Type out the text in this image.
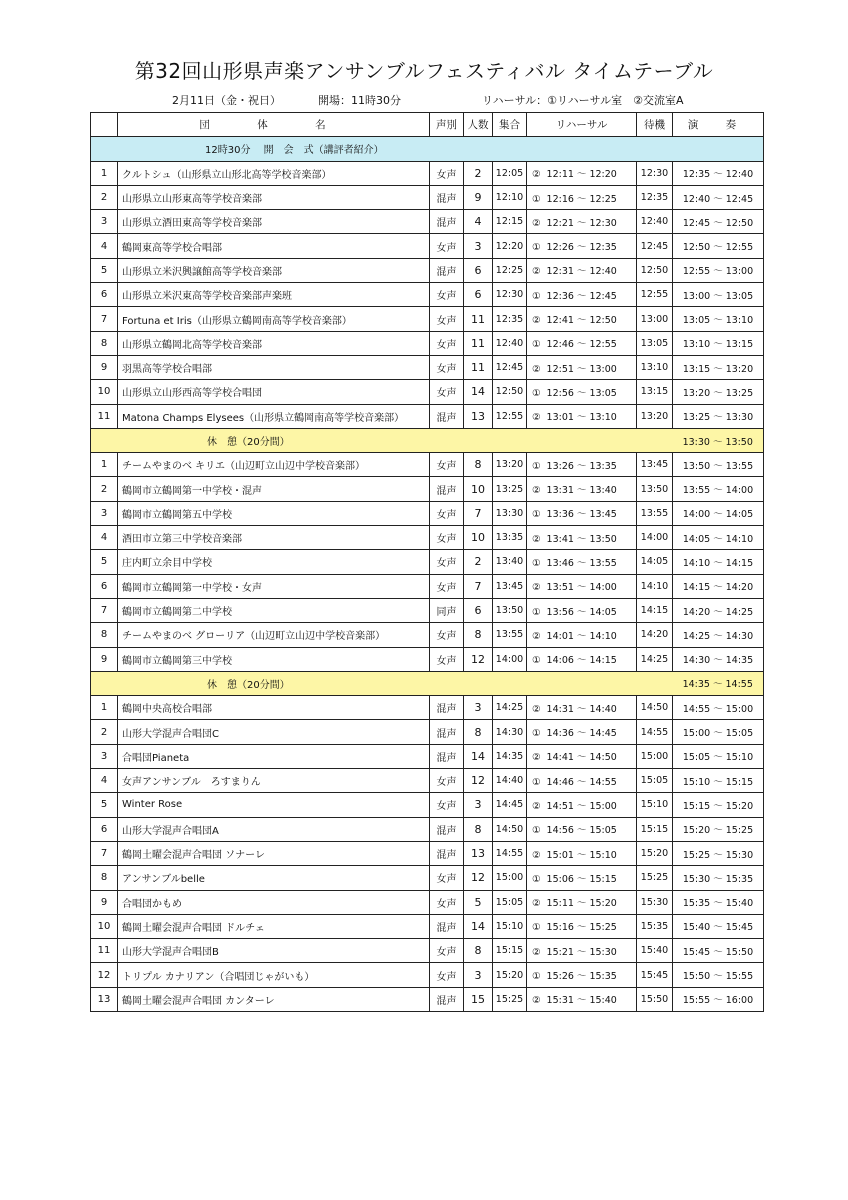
第32回山形県声楽アンサンブルフェスティバル タイムテーブル
2月11日（金・祝日）	開場：11時30分	リハーサル：①リハーサル室　②交流室A
	団 体 名	声別	人数	集合	リハーサル	待機	演 奏
12時30分　 開　会　式（講評者紹介）							
1	クルトシュ（山形県立山形北高等学校音楽部）	女声	2	12:05	② 12:11 ～ 12:20	12:30	12:35 ～ 12:40
2	山形県立山形東高等学校音楽部	混声	9	12:10	① 12:16 ～ 12:25	12:35	12:40 ～ 12:45
3	山形県立酒田東高等学校音楽部	混声	4	12:15	② 12:21 ～ 12:30	12:40	12:45 ～ 12:50
4	鶴岡東高等学校合唱部	女声	3	12:20	① 12:26 ～ 12:35	12:45	12:50 ～ 12:55
5	山形県立米沢興譲館高等学校音楽部	混声	6	12:25	② 12:31 ～ 12:40	12:50	12:55 ～ 13:00
6	山形県立米沢東高等学校音楽部声楽班	女声	6	12:30	① 12:36 ～ 12:45	12:55	13:00 ～ 13:05
7	Fortuna et Iris（山形県立鶴岡南高等学校音楽部）	女声	11	12:35	② 12:41 ～ 12:50	13:00	13:05 ～ 13:10
8	山形県立鶴岡北高等学校音楽部	女声	11	12:40	① 12:46 ～ 12:55	13:05	13:10 ～ 13:15
9	羽黒高等学校合唱部	女声	11	12:45	② 12:51 ～ 13:00	13:10	13:15 ～ 13:20
10	山形県立山形西高等学校合唱団	女声	14	12:50	① 12:56 ～ 13:05	13:15	13:20 ～ 13:25
11	Matona Champs Elysees（山形県立鶴岡南高等学校音楽部）	混声	13	12:55	② 13:01 ～ 13:10	13:20	13:25 ～ 13:30
休　憩（20分間）							13:30 ～ 13:50
1	チームやまのべ キリエ（山辺町立山辺中学校音楽部）	女声	8	13:20	① 13:26 ～ 13:35	13:45	13:50 ～ 13:55
2	鶴岡市立鶴岡第一中学校・混声	混声	10	13:25	② 13:31 ～ 13:40	13:50	13:55 ～ 14:00
3	鶴岡市立鶴岡第五中学校	女声	7	13:30	① 13:36 ～ 13:45	13:55	14:00 ～ 14:05
4	酒田市立第三中学校音楽部	女声	10	13:35	② 13:41 ～ 13:50	14:00	14:05 ～ 14:10
5	庄内町立余目中学校	女声	2	13:40	① 13:46 ～ 13:55	14:05	14:10 ～ 14:15
6	鶴岡市立鶴岡第一中学校・女声	女声	7	13:45	② 13:51 ～ 14:00	14:10	14:15 ～ 14:20
7	鶴岡市立鶴岡第二中学校	同声	6	13:50	① 13:56 ～ 14:05	14:15	14:20 ～ 14:25
8	チームやまのべ グローリア（山辺町立山辺中学校音楽部）	女声	8	13:55	② 14:01 ～ 14:10	14:20	14:25 ～ 14:30
9	鶴岡市立鶴岡第三中学校	女声	12	14:00	① 14:06 ～ 14:15	14:25	14:30 ～ 14:35
休　憩（20分間）							14:35 ～ 14:55
1	鶴岡中央高校合唱部	混声	3	14:25	② 14:31 ～ 14:40	14:50	14:55 ～ 15:00
2	山形大学混声合唱団C	混声	8	14:30	① 14:36 ～ 14:45	14:55	15:00 ～ 15:05
3	合唱団Pianeta	混声	14	14:35	② 14:41 ～ 14:50	15:00	15:05 ～ 15:10
4	女声アンサンブル　ろすまりん	女声	12	14:40	① 14:46 ～ 14:55	15:05	15:10 ～ 15:15
5	Winter Rose	女声	3	14:45	② 14:51 ～ 15:00	15:10	15:15 ～ 15:20
6	山形大学混声合唱団A	混声	8	14:50	① 14:56 ～ 15:05	15:15	15:20 ～ 15:25
7	鶴岡土曜会混声合唱団 ソナーレ	混声	13	14:55	② 15:01 ～ 15:10	15:20	15:25 ～ 15:30
8	アンサンブルbelle	女声	12	15:00	① 15:06 ～ 15:15	15:25	15:30 ～ 15:35
9	合唱団かもめ	女声	5	15:05	② 15:11 ～ 15:20	15:30	15:35 ～ 15:40
10	鶴岡土曜会混声合唱団 ドルチェ	混声	14	15:10	① 15:16 ～ 15:25	15:35	15:40 ～ 15:45
11	山形大学混声合唱団B	女声	8	15:15	② 15:21 ～ 15:30	15:40	15:45 ～ 15:50
12	トリプル カナリアン（合唱団じゃがいも）	女声	3	15:20	① 15:26 ～ 15:35	15:45	15:50 ～ 15:55
13	鶴岡土曜会混声合唱団 カンターレ	混声	15	15:25	② 15:31 ～ 15:40	15:50	15:55 ～ 16:00
